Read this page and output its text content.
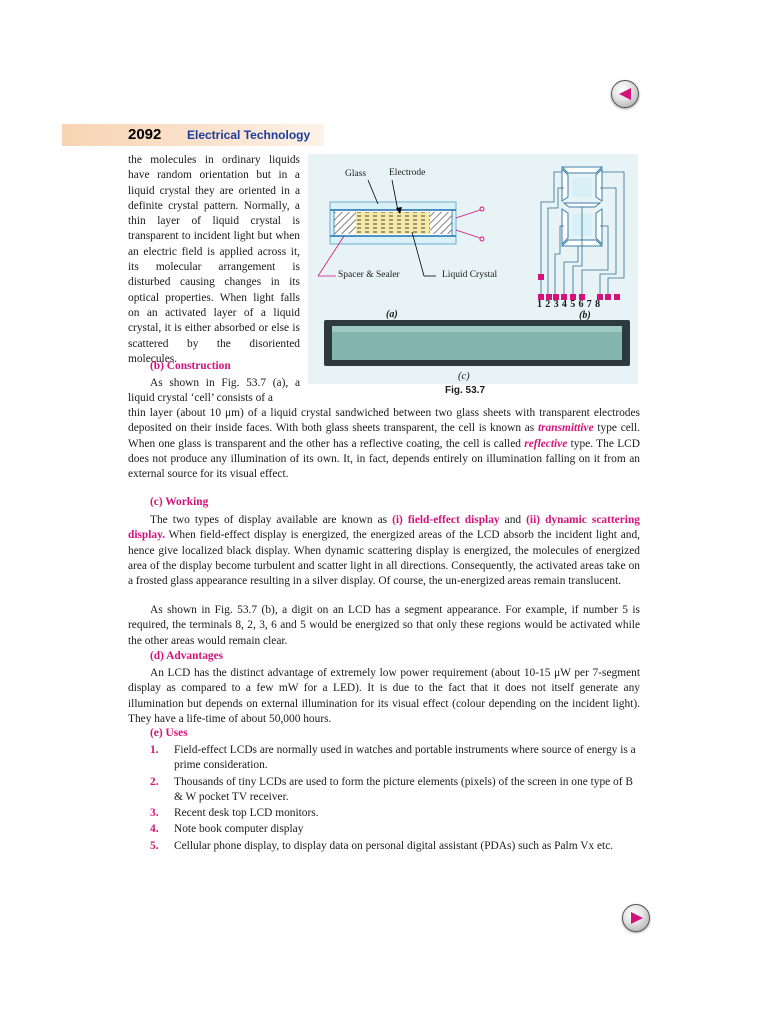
2092 Electrical Technology

the molecules in ordinary liquids have random orientation but in a liquid crystal they are oriented in a definite crystal pattern. Normally, a thin layer of liquid crystal is transparent to incident light but when an electric field is applied across it, its molecular arrangement is disturbed causing changes in its optical properties. When light falls on an activated layer of a liquid crystal, it is either absorbed or else is scattered by the disoriented molecules.

(b) Construction

As shown in Fig. 53.7 (a), a liquid crystal ‘cell’ consists of a

Glass Electrode
Spacer & Sealer	Liquid Crystal
(a)
1 2 3 4 5 6 7 8
(b)
(c)
Fig. 53.7

thin layer (about 10 μm) of a liquid crystal sandwiched between two glass sheets with transparent electrodes deposited on their inside faces. With both glass sheets transparent, the cell is known as transmittive type cell. When one glass is transparent and the other has a reflective coating, the cell is called reflective type. The LCD does not produce any illumination of its own. It, in fact, depends entirely on illumination falling on it from an external source for its visual effect.

(c) Working

The two types of display available are known as (i) field-effect display and (ii) dynamic scattering display. When field-effect display is energized, the energized areas of the LCD absorb the incident light and, hence give localized black display. When dynamic scattering display is energized, the molecules of energized area of the display become turbulent and scatter light in all directions. Consequently, the activated areas take on a frosted glass appearance resulting in a silver display. Of course, the un-energized areas remain translucent.

As shown in Fig. 53.7 (b), a digit on an LCD has a segment appearance. For example, if number 5 is required, the terminals 8, 2, 3, 6 and 5 would be energized so that only these regions would be activated while the other areas would remain clear.

(d) Advantages

An LCD has the distinct advantage of extremely low power requirement (about 10-15 μW per 7-segment display as compared to a few mW for a LED). It is due to the fact that it does not itself generate any illumination but depends on external illumination for its visual effect (colour depending on the incident light). They have a life-time of about 50,000 hours.

(e) Uses

1. Field-effect LCDs are normally used in watches and portable instruments where source of energy is a prime consideration.
2. Thousands of tiny LCDs are used to form the picture elements (pixels) of the screen in one type of B & W pocket TV receiver.
3. Recent desk top LCD monitors.
4. Note book computer display
5. Cellular phone display, to display data on personal digital assistant (PDAs) such as Palm Vx etc.
